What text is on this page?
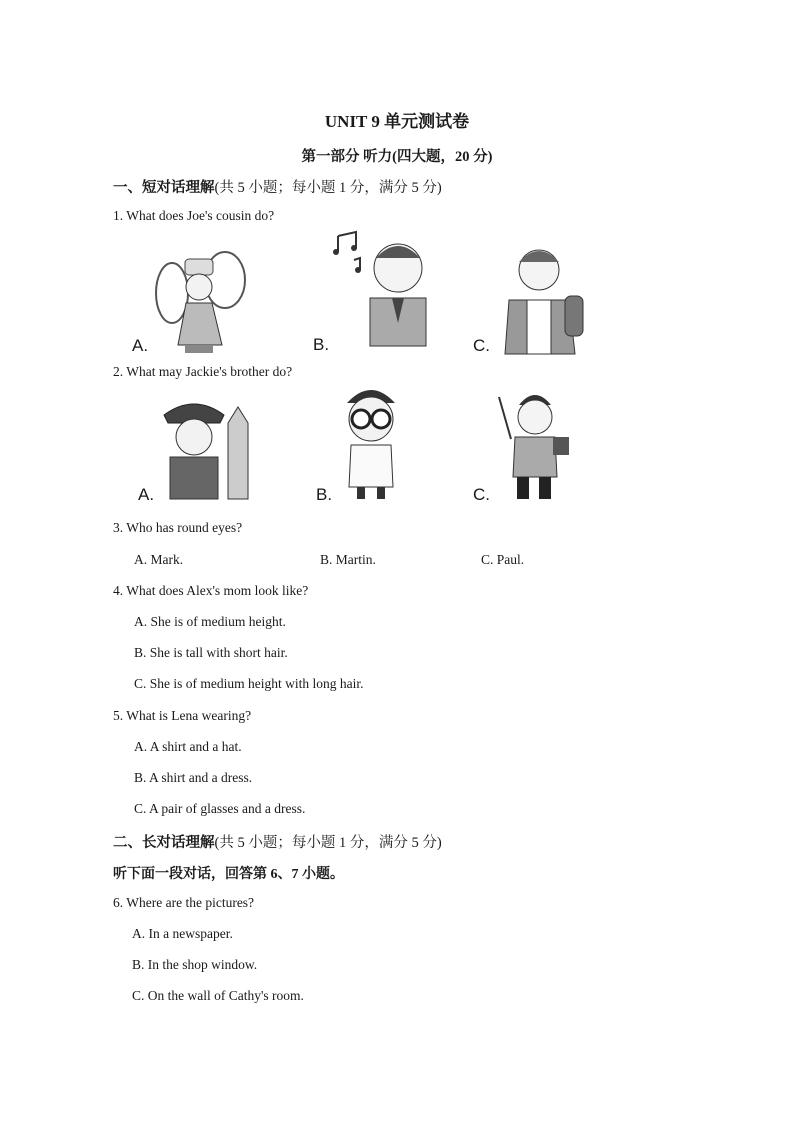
UNIT 9 单元测试卷
第一部分 听力(四大题，20 分)
一、短对话理解(共 5 小题；每小题 1 分，满分 5 分)
1. What does Joe's cousin do?
A.	B.	C.
2. What may Jackie's brother do?
A.	B.	C.
3. Who has round eyes?
A. Mark.	B. Martin.	C. Paul.
4. What does Alex's mom look like?
A. She is of medium height.
B. She is tall with short hair.
C. She is of medium height with long hair.
5. What is Lena wearing?
A. A shirt and a hat.
B. A shirt and a dress.
C. A pair of glasses and a dress.
二、长对话理解(共 5 小题；每小题 1 分，满分 5 分)
听下面一段对话，回答第 6、7 小题。
6. Where are the pictures?
A. In a newspaper.
B. In the shop window.
C. On the wall of Cathy's room.
